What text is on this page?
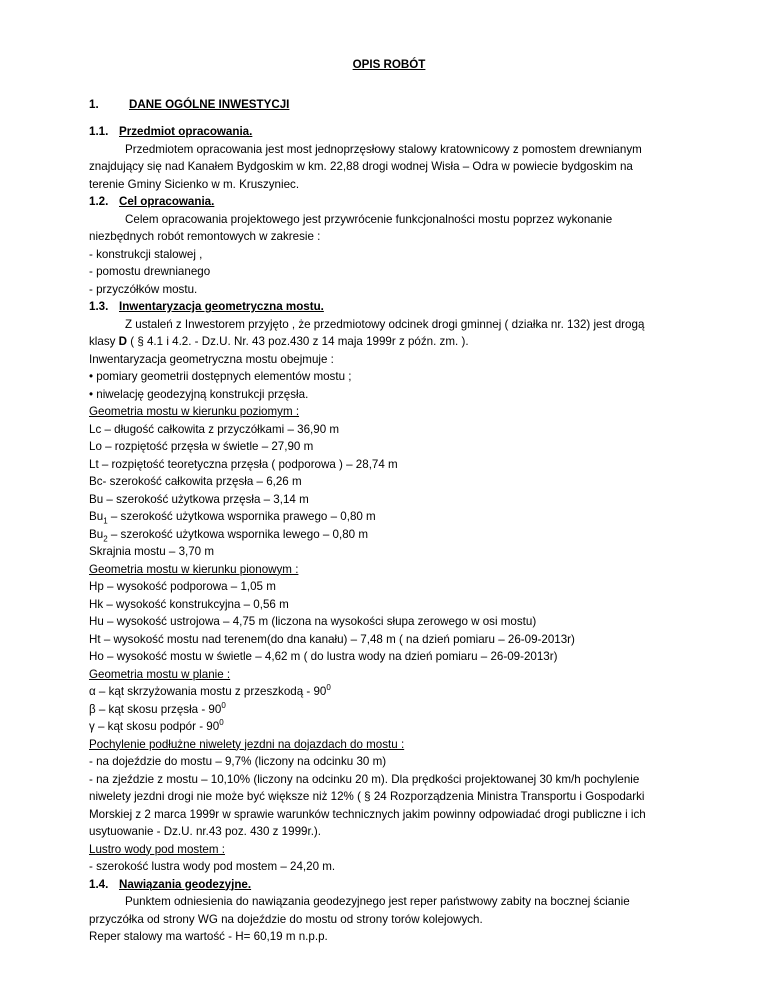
OPIS ROBÓT
1.	DANE OGÓLNE INWESTYCJI
1.1. Przedmiot opracowania.
Przedmiotem opracowania jest most jednoprzęsłowy stalowy kratownicowy z pomostem drewnianym
znajdujący się nad Kanałem Bydgoskim w km. 22,88 drogi wodnej Wisła – Odra w powiecie bydgoskim na
terenie Gminy Sicienko w m. Kruszyniec.
1.2. Cel opracowania.
Celem opracowania projektowego jest przywrócenie funkcjonalności mostu poprzez wykonanie
niezbędnych robót remontowych w zakresie :
- konstrukcji stalowej ,
- pomostu drewnianego
- przyczółków mostu.
1.3. Inwentaryzacja geometryczna mostu.
Z ustaleń z Inwestorem przyjęto , że przedmiotowy odcinek drogi gminnej ( działka nr. 132) jest drogą
klasy D ( § 4.1 i 4.2. - Dz.U. Nr. 43 poz.430 z 14 maja 1999r z późn. zm. ).
Inwentaryzacja geometryczna mostu obejmuje :
• pomiary geometrii dostępnych elementów mostu ;
• niwelację geodezyjną konstrukcji przęsła.
Geometria mostu w kierunku poziomym :
Lc – długość całkowita z przyczółkami – 36,90 m
Lo – rozpiętość przęsła w świetle – 27,90 m
Lt – rozpiętość teoretyczna przęsła ( podporowa ) – 28,74 m
Bc- szerokość całkowita przęsła – 6,26 m
Bu – szerokość użytkowa przęsła – 3,14 m
$Bu_1$ – szerokość użytkowa wspornika prawego – 0,80 m
$Bu_2$ – szerokość użytkowa wspornika lewego – 0,80 m
Skrajnia mostu – 3,70 m
Geometria mostu w kierunku pionowym :
Hp – wysokość podporowa – 1,05 m
Hk – wysokość konstrukcyjna – 0,56 m
Hu – wysokość ustrojowa – 4,75 m (liczona na wysokości słupa zerowego w osi mostu)
Ht – wysokość mostu nad terenem(do dna kanału) – 7,48 m ( na dzień pomiaru – 26-09-2013r)
Ho – wysokość mostu w świetle – 4,62 m ( do lustra wody na dzień pomiaru – 26-09-2013r)
Geometria mostu w planie :
α – kąt skrzyżowania mostu z przeszkodą - $90^0$
β – kąt skosu przęsła - $90^0$
γ – kąt skosu podpór - $90^0$
Pochylenie podłużne niwelety jezdni na dojazdach do mostu :
- na dojeździe do mostu – 9,7% (liczony na odcinku 30 m)
- na zjeździe z mostu – 10,10% (liczony na odcinku 20 m). Dla prędkości projektowanej 30 km/h pochylenie
niwelety jezdni drogi nie może być większe niż 12% ( § 24 Rozporządzenia Ministra Transportu i Gospodarki
Morskiej z 2 marca 1999r w sprawie warunków technicznych jakim powinny odpowiadać drogi publiczne i ich
usytuowanie - Dz.U. nr.43 poz. 430 z 1999r.).
Lustro wody pod mostem :
- szerokość lustra wody pod mostem – 24,20 m.
1.4. Nawiązania geodezyjne.
Punktem odniesienia do nawiązania geodezyjnego jest reper państwowy zabity na bocznej ścianie
przyczółka od strony WG na dojeździe do mostu od strony torów kolejowych.
Reper stalowy ma wartość - H= 60,19 m n.p.p.
